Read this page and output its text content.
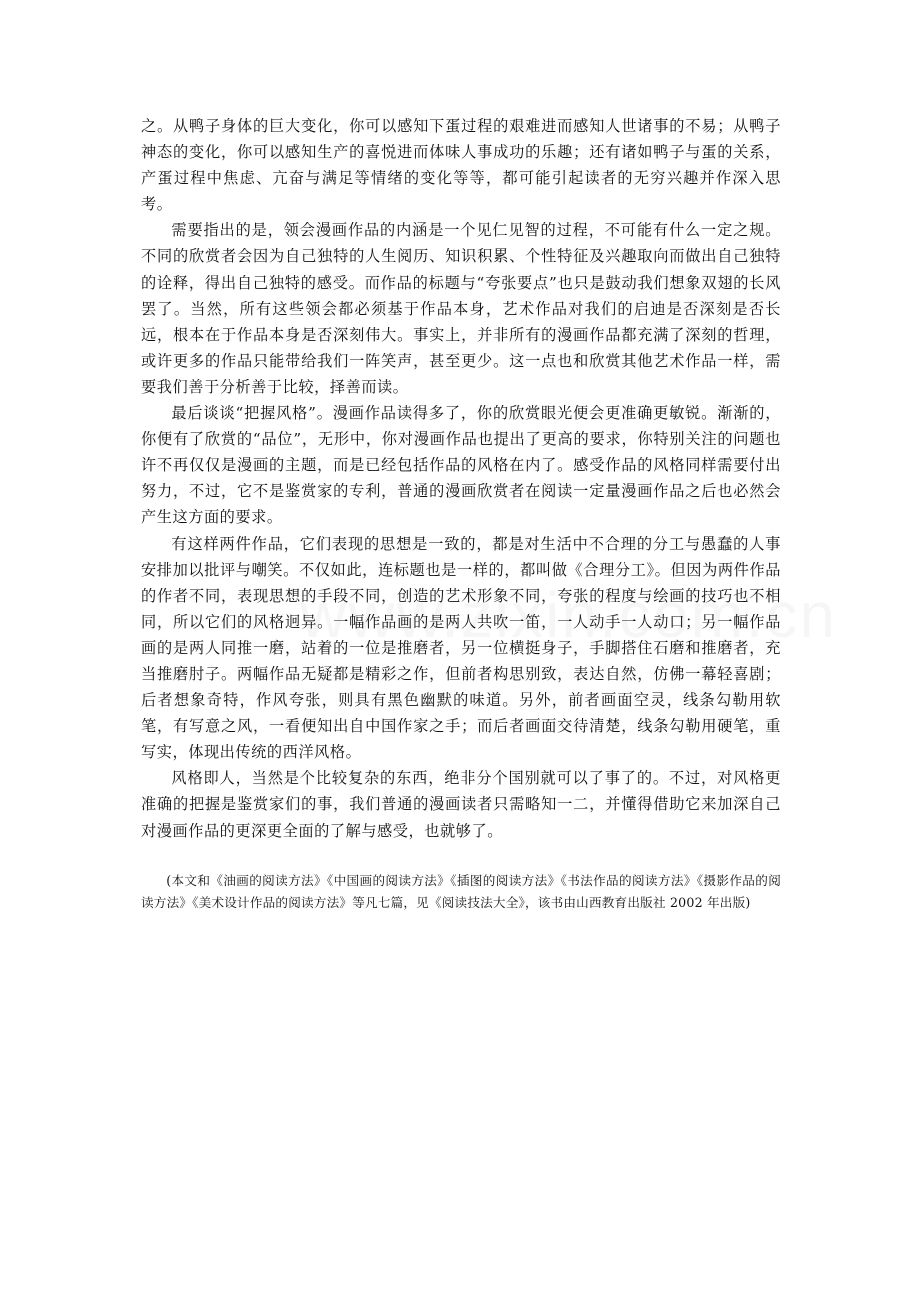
之。从鸭子身体的巨大变化，你可以感知下蛋过程的艰难进而感知人世诸事的不易；从鸭子神态的变化，你可以感知生产的喜悦进而体味人事成功的乐趣；还有诸如鸭子与蛋的关系，产蛋过程中焦虑、亢奋与满足等情绪的变化等等，都可能引起读者的无穷兴趣并作深入思考。

需要指出的是，领会漫画作品的内涵是一个见仁见智的过程，不可能有什么一定之规。不同的欣赏者会因为自己独特的人生阅历、知识积累、个性特征及兴趣取向而做出自己独特的诠释，得出自己独特的感受。而作品的标题与“夸张要点”也只是鼓动我们想象双翅的长风罢了。当然，所有这些领会都必须基于作品本身，艺术作品对我们的启迪是否深刻是否长远，根本在于作品本身是否深刻伟大。事实上，并非所有的漫画作品都充满了深刻的哲理，或许更多的作品只能带给我们一阵笑声，甚至更少。这一点也和欣赏其他艺术作品一样，需要我们善于分析善于比较，择善而读。

最后谈谈“把握风格”。漫画作品读得多了，你的欣赏眼光便会更准确更敏锐。渐渐的，你便有了欣赏的“品位”，无形中，你对漫画作品也提出了更高的要求，你特别关注的问题也许不再仅仅是漫画的主题，而是已经包括作品的风格在内了。感受作品的风格同样需要付出努力，不过，它不是鉴赏家的专利，普通的漫画欣赏者在阅读一定量漫画作品之后也必然会产生这方面的要求。

有这样两件作品，它们表现的思想是一致的，都是对生活中不合理的分工与愚蠢的人事安排加以批评与嘲笑。不仅如此，连标题也是一样的，都叫做《合理分工》。但因为两件作品的作者不同，表现思想的手段不同，创造的艺术形象不同，夸张的程度与绘画的技巧也不相同，所以它们的风格迥异。一幅作品画的是两人共吹一笛，一人动手一人动口；另一幅作品画的是两人同推一磨，站着的一位是推磨者，另一位横挺身子，手脚搭住石磨和推磨者，充当推磨肘子。两幅作品无疑都是精彩之作，但前者构思别致，表达自然，仿佛一幕轻喜剧；后者想象奇特，作风夸张，则具有黑色幽默的味道。另外，前者画面空灵，线条勾勒用软笔，有写意之风，一看便知出自中国作家之手；而后者画面交待清楚，线条勾勒用硬笔，重写实，体现出传统的西洋风格。

风格即人，当然是个比较复杂的东西，绝非分个国别就可以了事了的。不过，对风格更准确的把握是鉴赏家们的事，我们普通的漫画读者只需略知一二，并懂得借助它来加深自己对漫画作品的更深更全面的了解与感受，也就够了。

(本文和《油画的阅读方法》《中国画的阅读方法》《插图的阅读方法》《书法作品的阅读方法》《摄影作品的阅读方法》《美术设计作品的阅读方法》等凡七篇，见《阅读技法大全》，该书由山西教育出版社 2002 年出版)
